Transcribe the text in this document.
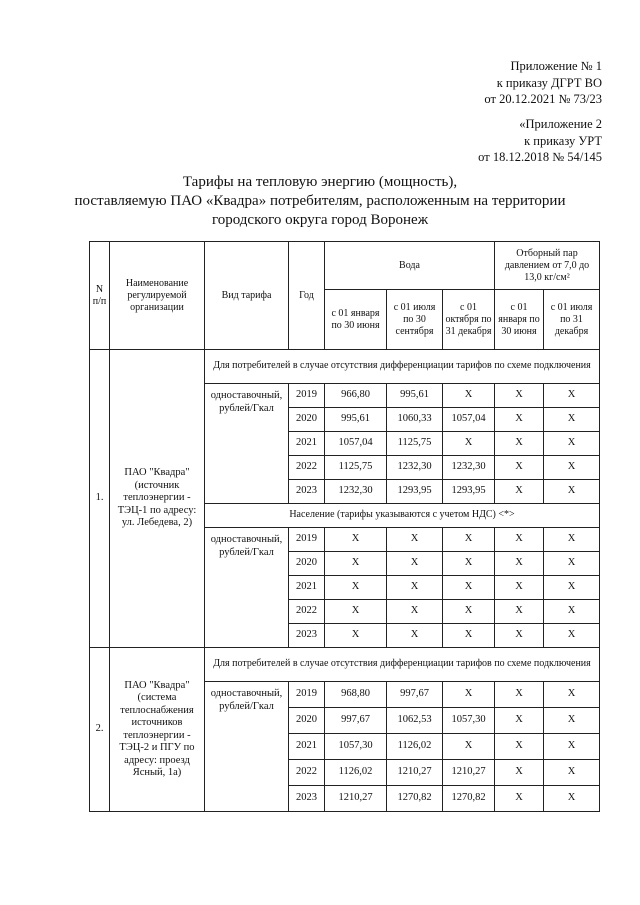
Приложение № 1
к приказу ДГРТ ВО
от 20.12.2021 № 73/23
«Приложение 2
к приказу УРТ
от 18.12.2018 № 54/145
Тарифы на тепловую энергию (мощность),
поставляемую ПАО «Квадра» потребителям, расположенным на территории
городского округа город Воронеж
N п/п	Наименование регулируемой организации	Вид тарифа	Год	Вода			Отборный пар давлением от 7,0 до 13,0 кг/см²	
				с 01 января по 30 июня	с 01 июля по 30 сентября	с 01 октября по 31 декабря	с 01 января по 30 июня	с 01 июля по 31 декабря
1.	ПАО "Квадра" (источник теплоэнергии - ТЭЦ-1 по адресу: ул. Лебедева, 2)	Для потребителей в случае отсутствия дифференциации тарифов по схеме подключения						
		одноставочный, рублей/Гкал	2019	966,80	995,61	X	X	X
			2020	995,61	1060,33	1057,04	X	X
			2021	1057,04	1125,75	X	X	X
			2022	1125,75	1232,30	1232,30	X	X
			2023	1232,30	1293,95	1293,95	X	X
		Население (тарифы указываются с учетом НДС) <*>						
		одноставочный, рублей/Гкал	2019	X	X	X	X	X
			2020	X	X	X	X	X
			2021	X	X	X	X	X
			2022	X	X	X	X	X
			2023	X	X	X	X	X
2.	ПАО "Квадра" (система теплоснабжения источников теплоэнергии - ТЭЦ-2 и ПГУ по адресу: проезд Ясный, 1а)	Для потребителей в случае отсутствия дифференциации тарифов по схеме подключения						
		одноставочный, рублей/Гкал	2019	968,80	997,67	X	X	X
			2020	997,67	1062,53	1057,30	X	X
			2021	1057,30	1126,02	X	X	X
			2022	1126,02	1210,27	1210,27	X	X
			2023	1210,27	1270,82	1270,82	X	X
